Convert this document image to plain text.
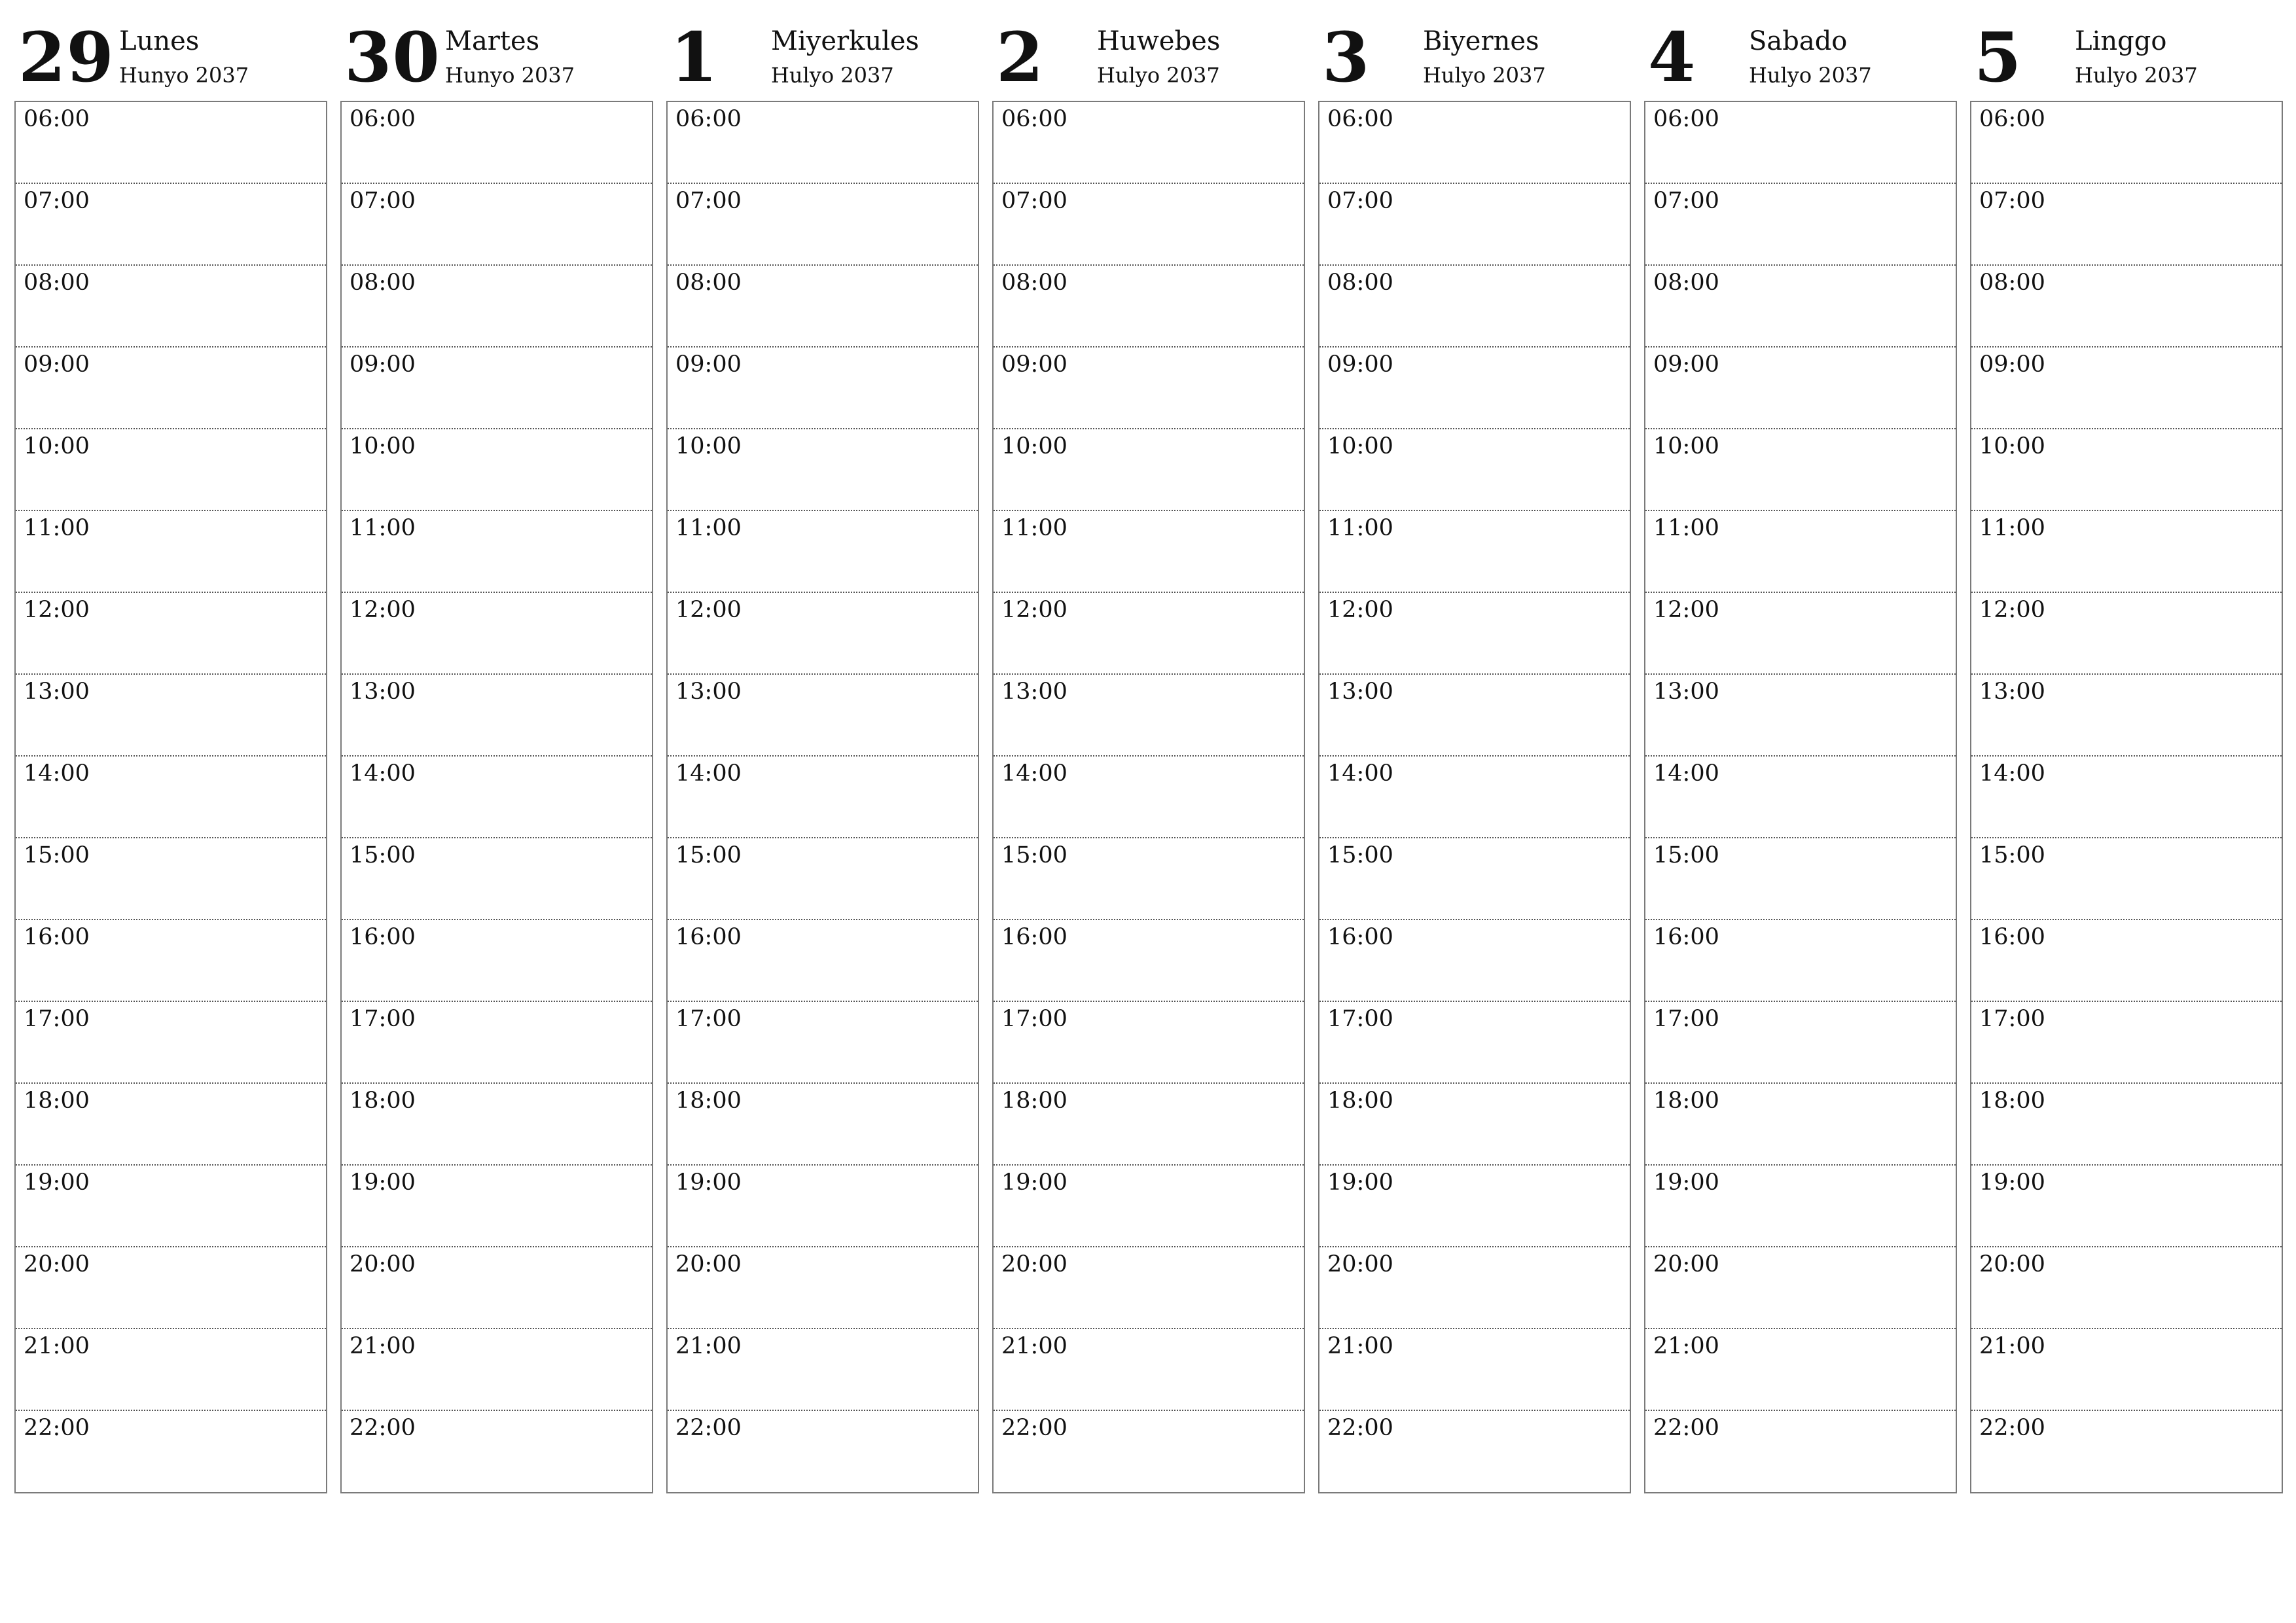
29 Lunes
Hunyo 2037
06:00
07:00
08:00
09:00
10:00
11:00
12:00
13:00
14:00
15:00
16:00
17:00
18:00
19:00
20:00
21:00
22:00
30 Martes
Hunyo 2037
06:00
07:00
08:00
09:00
10:00
11:00
12:00
13:00
14:00
15:00
16:00
17:00
18:00
19:00
20:00
21:00
22:00
1 Miyerkules
Hulyo 2037
06:00
07:00
08:00
09:00
10:00
11:00
12:00
13:00
14:00
15:00
16:00
17:00
18:00
19:00
20:00
21:00
22:00
2 Huwebes
Hulyo 2037
06:00
07:00
08:00
09:00
10:00
11:00
12:00
13:00
14:00
15:00
16:00
17:00
18:00
19:00
20:00
21:00
22:00
3 Biyernes
Hulyo 2037
06:00
07:00
08:00
09:00
10:00
11:00
12:00
13:00
14:00
15:00
16:00
17:00
18:00
19:00
20:00
21:00
22:00
4 Sabado
Hulyo 2037
06:00
07:00
08:00
09:00
10:00
11:00
12:00
13:00
14:00
15:00
16:00
17:00
18:00
19:00
20:00
21:00
22:00
5 Linggo
Hulyo 2037
06:00
07:00
08:00
09:00
10:00
11:00
12:00
13:00
14:00
15:00
16:00
17:00
18:00
19:00
20:00
21:00
22:00
